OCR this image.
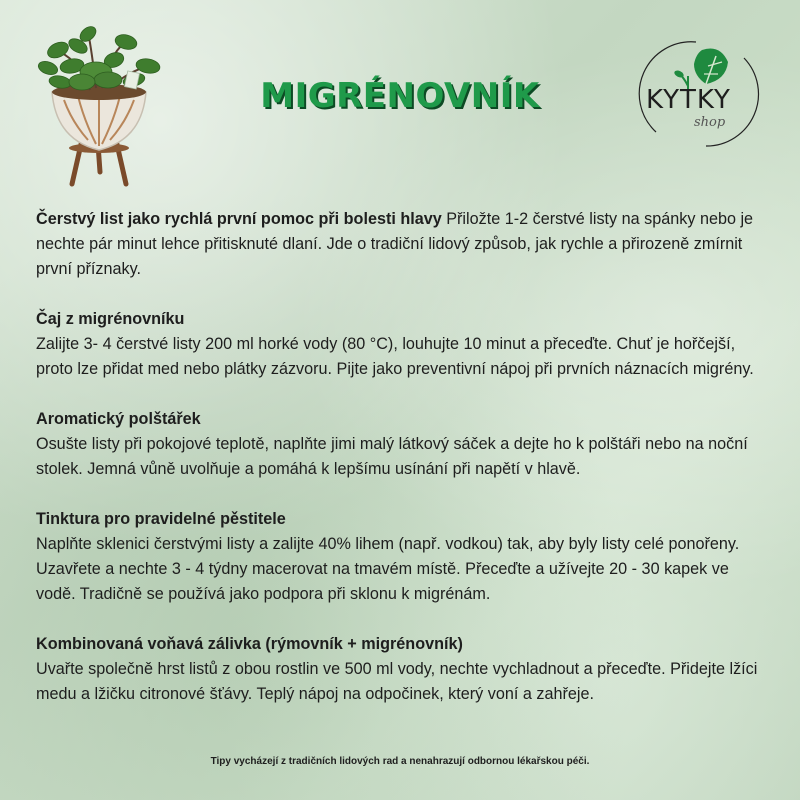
MIGRÉNOVNÍK	KYTKY
shop
Čerstvý list jako rychlá první pomoc při bolesti hlavy Přiložte 1-2 čerstvé listy na spánky nebo je nechte pár minut lehce přitisknuté dlaní. Jde o tradiční lidový způsob, jak rychle a přirozeně zmírnit první příznaky.
Čaj z migrénovníku
Zalijte 3- 4 čerstvé listy 200 ml horké vody (80 °C), louhujte 10 minut a přeceďte. Chuť je hořčejší, proto lze přidat med nebo plátky zázvoru. Pijte jako preventivní nápoj při prvních náznacích migrény.
Aromatický polštářek
Osušte listy při pokojové teplotě, naplňte jimi malý látkový sáček a dejte ho k polštáři nebo na noční stolek. Jemná vůně uvolňuje a pomáhá k lepšímu usínání při napětí v hlavě.
Tinktura pro pravidelné pěstitele
Naplňte sklenici čerstvými listy a zalijte 40% lihem (např. vodkou) tak, aby byly listy celé ponořeny. Uzavřete a nechte 3 - 4 týdny macerovat na tmavém místě. Přeceďte a užívejte 20 - 30 kapek ve vodě. Tradičně se používá jako podpora při sklonu k migrénám.
Kombinovaná voňavá zálivka (rýmovník + migrénovník)
Uvařte společně hrst listů z obou rostlin ve 500 ml vody, nechte vychladnout a přeceďte. Přidejte lžíci medu a lžičku citronové šťávy. Teplý nápoj na odpočinek, který voní a zahřeje.
Tipy vycházejí z tradičních lidových rad a nenahrazují odbornou lékařskou péči.
